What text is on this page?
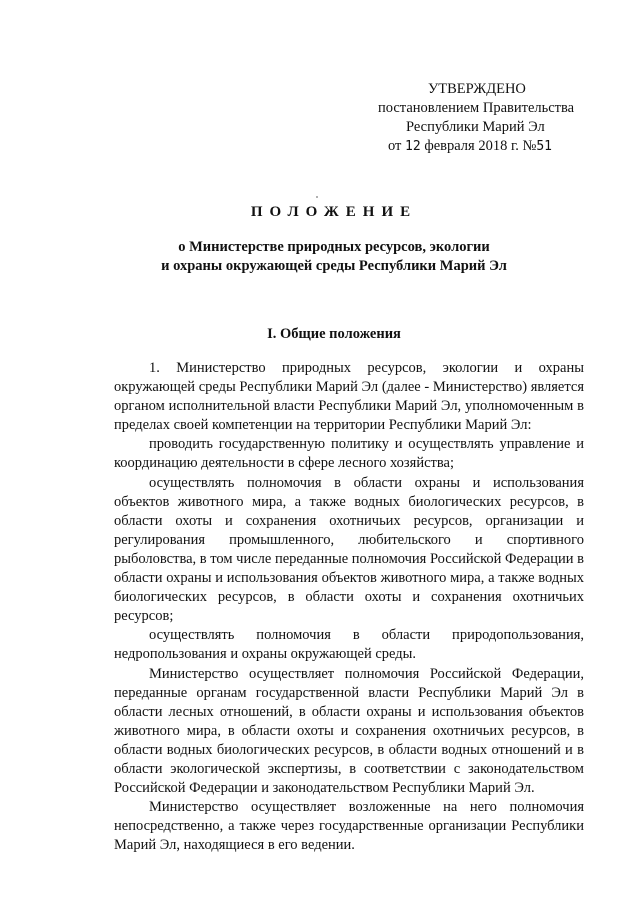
УТВЕРЖДЕНО
постановлением Правительства
Республики Марий Эл
от 12 февраля 2018 г. №51
ПОЛОЖЕНИЕ
о Министерстве природных ресурсов, экологии
и охраны окружающей среды Республики Марий Эл
I. Общие положения

1. Министерство природных ресурсов, экологии и охраны окружающей среды Республики Марий Эл (далее - Министерство) является органом исполнительной власти Республики Марий Эл, уполномоченным в пределах своей компетенции на территории Республики Марий Эл:

проводить государственную политику и осуществлять управление и координацию деятельности в сфере лесного хозяйства;

осуществлять полномочия в области охраны и использования объектов животного мира, а также водных биологических ресурсов, в области охоты и сохранения охотничьих ресурсов, организации и регулирования промышленного, любительского и спортивного рыболовства, в том числе переданные полномочия Российской Федерации в области охраны и использования объектов животного мира, а также водных биологических ресурсов, в области охоты и сохранения охотничьих ресурсов;

осуществлять полномочия в области природопользования, недропользования и охраны окружающей среды.

Министерство осуществляет полномочия Российской Федерации, переданные органам государственной власти Республики Марий Эл в области лесных отношений, в области охраны и использования объектов животного мира, в области охоты и сохранения охотничьих ресурсов, в области водных биологических ресурсов, в области водных отношений и в области экологической экспертизы, в соответствии с законодательством Российской Федерации и законодательством Республики Марий Эл.

Министерство осуществляет возложенные на него полномочия непосредственно, а также через государственные организации Республики Марий Эл, находящиеся в его ведении.
